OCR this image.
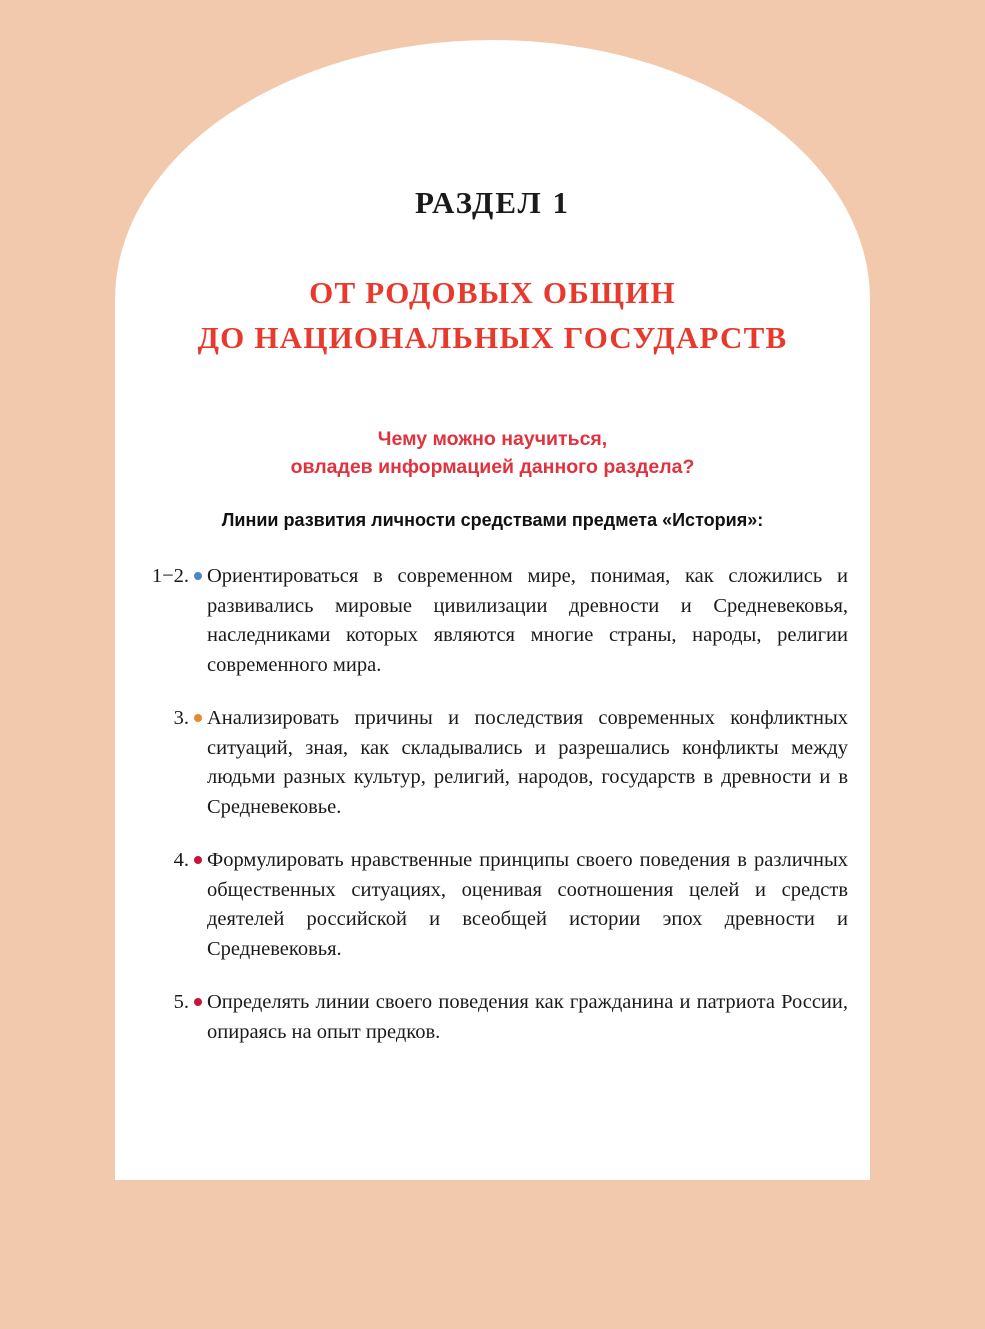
РАЗДЕЛ 1
ОТ РОДОВЫХ ОБЩИН
ДО НАЦИОНАЛЬНЫХ ГОСУДАРСТВ
Чему можно научиться,
овладев информацией данного раздела?
Линии развития личности средствами предмета «История»:
1−2. Ориентироваться в современном мире, понимая, как сложились и развивались мировые цивилизации древности и Средневековья, наследниками которых являются многие страны, народы, религии современного мира.
3. Анализировать причины и последствия современных конфликтных ситуаций, зная, как складывались и разрешались конфликты между людьми разных культур, религий, народов, государств в древности и в Средневековье.
4. Формулировать нравственные принципы своего поведения в различных общественных ситуациях, оценивая соотношения целей и средств деятелей российской и всеобщей истории эпох древности и Средневековья.
5. Определять линии своего поведения как гражданина и патриота России, опираясь на опыт предков.
